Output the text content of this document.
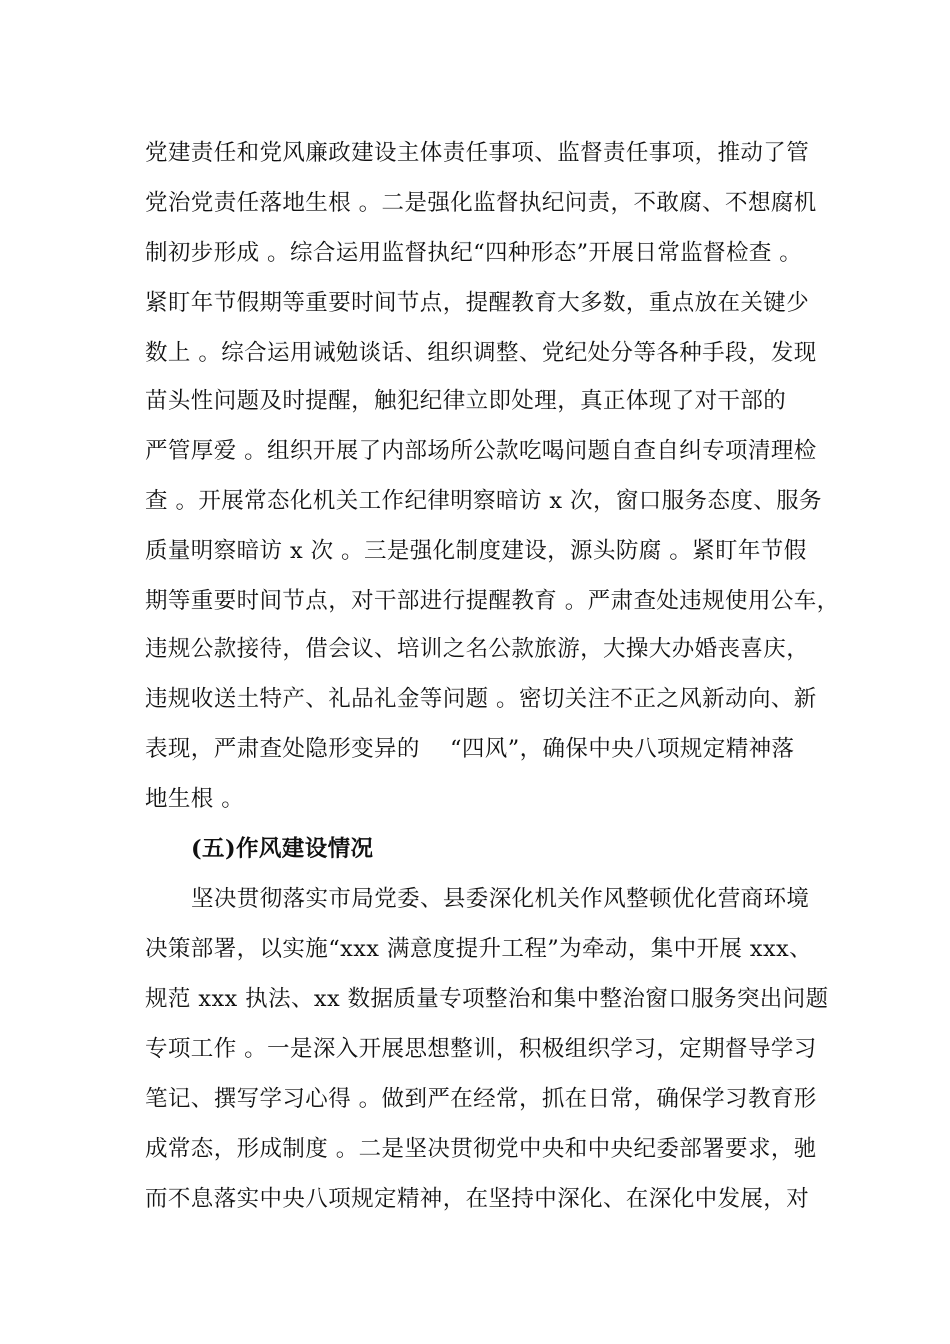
党建责任和党风廉政建设主体责任事项、监督责任事项，推动了管
党治党责任落地生根 。二是强化监督执纪问责，不敢腐、不想腐机
制初步形成 。综合运用监督执纪“四种形态”开展日常监督检查 。
紧盯年节假期等重要时间节点，提醒教育大多数，重点放在关键少
数上 。综合运用诫勉谈话、组织调整、党纪处分等各种手段，发现
苗头性问题及时提醒，触犯纪律立即处理，真正体现了对干部的
严管厚爱 。组织开展了内部场所公款吃喝问题自查自纠专项清理检
查 。开展常态化机关工作纪律明察暗访 x 次，窗口服务态度、服务
质量明察暗访 x 次 。三是强化制度建设，源头防腐 。紧盯年节假
期等重要时间节点，对干部进行提醒教育 。严肃查处违规使用公车，
违规公款接待，借会议、培训之名公款旅游，大操大办婚丧喜庆，
违规收送土特产、礼品礼金等问题 。密切关注不正之风新动向、新
表现，严肃查处隐形变异的    “四风”，确保中央八项规定精神落
地生根 。
(五)作风建设情况
坚决贯彻落实市局党委、县委深化机关作风整顿优化营商环境
决策部署，以实施“xxx 满意度提升工程”为牵动，集中开展 xxx、
规范 xxx 执法、xx 数据质量专项整治和集中整治窗口服务突出问题
专项工作 。一是深入开展思想整训，积极组织学习，定期督导学习
笔记、撰写学习心得 。做到严在经常，抓在日常，确保学习教育形
成常态，形成制度 。二是坚决贯彻党中央和中央纪委部署要求，驰
而不息落实中央八项规定精神，在坚持中深化、在深化中发展，对
